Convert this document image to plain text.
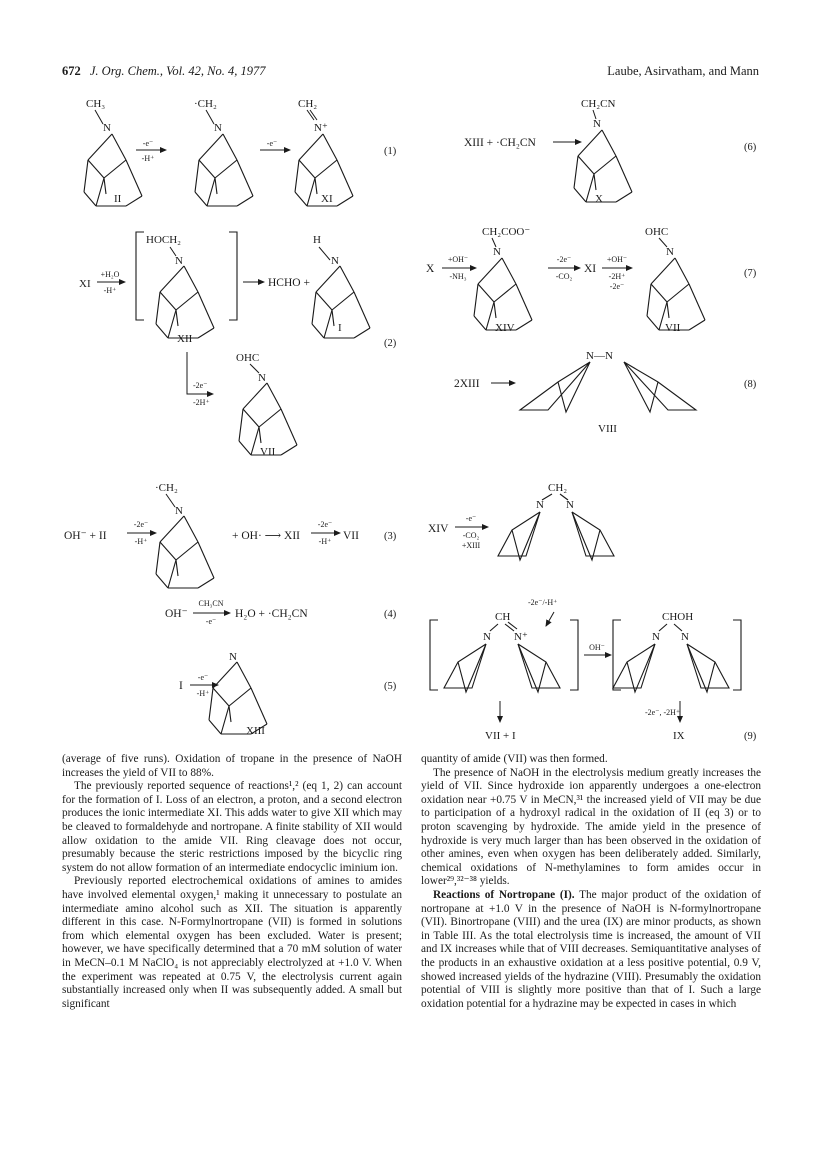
672 J. Org. Chem., Vol. 42, No. 4, 1977	Laube, Asirvatham, and Mann
CH₃
N
-e⁻
-H⁺
·CH₂
N
-e⁻
CH₂
N⁺
(1)
II	XI
XI
+H₂O
-H⁺
HOCH₂
N
HCHO +
H
N
I
XII	(2)
-2e⁻
-2H⁺
OHC
N
VII
OH⁻ + II
-2e⁻
-H⁺
·CH₂
N
+ OH· ⟶ XII
-2e⁻
-H⁺ VII (3)
OH⁻
CH₃CN
-e⁻
H₂O + ·CH₂CN	(4)
I
-e⁻
-H⁺
N
(5)
XIII
XIII + ·CH₂CN
CH₂CN
N
(6)
X
X
+OH⁻
-NH₃
CH₂COO⁻
N
-2e⁻
-CO₂
XI
+OH⁻
-2H⁺
-2e⁻
OHC
N
(7)
XIV	VII
2XIII
N—N
(8)
VIII
XIV
-e⁻
-CO₂
+XIII
CH₂
N N
-2e⁻/-H⁺
CH
N N⁺
OH⁻
CHOH
N N
-2e⁻, -2H⁺
IX
VII + I	(9)

(average of five runs). Oxidation of tropane in the presence of NaOH increases the yield of VII to 88%.

The previously reported sequence of reactions¹,² (eq 1, 2) can account for the formation of I. Loss of an electron, a proton, and a second electron produces the ionic intermediate XI. This adds water to give XII which may be cleaved to formaldehyde and nortropane. A finite stability of XII would allow oxidation to the amide VII. Ring cleavage does not occur, presumably because the steric restrictions imposed by the bicyclic ring system do not allow formation of an intermediate endocyclic iminium ion.

Previously reported electrochemical oxidations of amines to amides have involved elemental oxygen,¹ making it unnecessary to postulate an intermediate amino alcohol such as XII. The situation is apparently different in this case. N-Formylnortropane (VII) is formed in solutions from which elemental oxygen has been excluded. Water is present; however, we have specifically determined that a 70 mM solution of water in MeCN–0.1 M NaClO₄ is not appreciably electrolyzed at +1.0 V. When the experiment was repeated at 0.75 V, the electrolysis current again substantially increased only when II was subsequently added. A small but significant

quantity of amide (VII) was then formed.

The presence of NaOH in the electrolysis medium greatly increases the yield of VII. Since hydroxide ion apparently undergoes a one-electron oxidation near +0.75 V in MeCN,³¹ the increased yield of VII may be due to participation of a hydroxyl radical in the oxidation of II (eq 3) or to proton scavenging by hydroxide. The amide yield in the presence of hydroxide is very much larger than has been observed in the oxidation of other amines, even when oxygen has been deliberately added. Similarly, chemical oxidations of N-methylamines to form amides occur in lower²⁹,³²⁻³⁸ yields.

Reactions of Nortropane (I). The major product of the oxidation of nortropane at +1.0 V in the presence of NaOH is N-formylnortropane (VII). Binortropane (VIII) and the urea (IX) are minor products, as shown in Table III. As the total electrolysis time is increased, the amount of VII and IX increases while that of VIII decreases. Semiquantitative analyses of the products in an exhaustive oxidation at a less positive potential, 0.9 V, showed increased yields of the hydrazine (VIII). Presumably the oxidation potential of VIII is slightly more positive than that of I. Such a large oxidation potential for a hydrazine may be expected in cases in which
